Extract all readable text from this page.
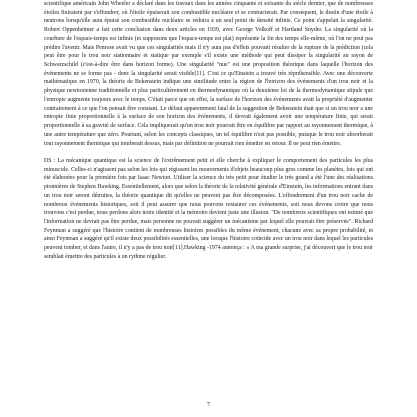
scientifique américain John Wheeler a déclaré dans les travaux dans les années cinquante et soixante du siècle dernier, que de nombreuses étoiles finiraient par s'effondrer, où l'étoile épuiserait son combustible nucléaire et se contracterait. Par conséquent, le destin d'une étoile à neutrons lorsqu'elle aura épuisé son combustible nucléaire se réduira à un seul point de densité infinie. Ce point s'appelait la singularité. Robert Oppenheimer a fait cette conclusion dans deux articles en 1939, avec George Volkoff et Hartland Snyder. La singularité où la courbure de l'espace-temps est infinie (et supposons que l'espace-temps est plat) représente la fin des temps elle-même, où l'on ne peut pas prédire l'avenir. Mais Penrose avait vu que ces singularités mais il n'y aura pas d'effets pouvant résulter de la rupture de la prédiction (cela peut être pour le trou noir stationnaire et statique par exemple s'il existe une méthode qui peut dissiper la singularité au rayon de Schwarzschild (c'est-à-dire être dans horizon forme). Une singularité "nue" est une proposition théorique dans laquelle l'horizon des événements ne se forme pas - donc la singularité serait visible[11]. C'est ce qu'Einstein a trouvé très répréhensible. Avec une découverte mathématique en 1970, la théorie de Bekenstein indique une similitude entre la région de l'horizon des événements d'un trou noir et la physique newtonienne traditionnelle et plus particulièrement en thermodynamique où la deuxième loi de la thermodynamique stipule que l'entropie augmente toujours avec le temps. C'était parce que en effet, la surface de l'horizon des événements avait la propriété d'augmenter contrairement à ce que l'on pensait être constant. Le défaut apparemment fatal de la suggestion de Bekenstein était que si un trou noir a une entropie finie proportionnelle à la surface de son horizon des événements, il devrait également avoir une température finie, qui serait proportionnelle à sa gravité de surface. Cela impliquerait qu'un trou noir pourrait être en équilibre par rapport au rayonnement thermique, à une autre température que zéro. Pourtant, selon les concepts classiques, un tel équilibre n'est pas possible, puisque le trou noir absorberait tout rayonnement thermique qui tomberait dessus, mais par définition ne pourrait rien émettre en retour. Il ne peut rien émettre.

DS : La mécanique quantique est la science de l'extrêmement petit et elle cherche à expliquer le comportement des particules les plus minuscule. Celles-ci n'agissent pas selon les lois qui régissent les mouvements d'objets beaucoup plus gros comme les planètes, lois qui ont été élaborées pour la première fois par Isaac Newton. Utiliser la science du très petit pour étudier le très grand a été l'une des réalisations pionnières de Stephen Hawking. Essentiellement, alors que selon la théorie de la relativité générale d'Einstein, les informations entrant dans un trou noir seront détruites, la théorie quantique dit qu'elles ne peuvent pas être décomposées. L'effondrement d'un trou noir cache de nombreux événements historiques, soit il peut assurer que nous pouvons restaurer ces événements, soit nous devons croire que nous trouvons c'est perdue, nous perdons alors notre identité et la mémoire devient juste une illusion. "De nombreux scientifiques ont estimé que l'information ne devrait pas être perdue, mais personne ne pouvait suggérer un mécanisme par lequel elle pourrait être préservée". Richard Feynman a suggéré que l'histoire contient de nombreuses histoires possibles du même événement, chacune avec sa propre probabilité, et ainsi Feynman a suggéré qu'il existe deux possibilités essentielles, une lorsque l'histoire coïncide avec un trou noir dans lequel les particules peuvent tomber, et dans l'autre, il n'y a pas de trou noir[11].Hawking -1974 annonça : « A ma grande surprise, j'ai découvert que le trou noir semblait émettre des particules à un rythme régulier.

7
